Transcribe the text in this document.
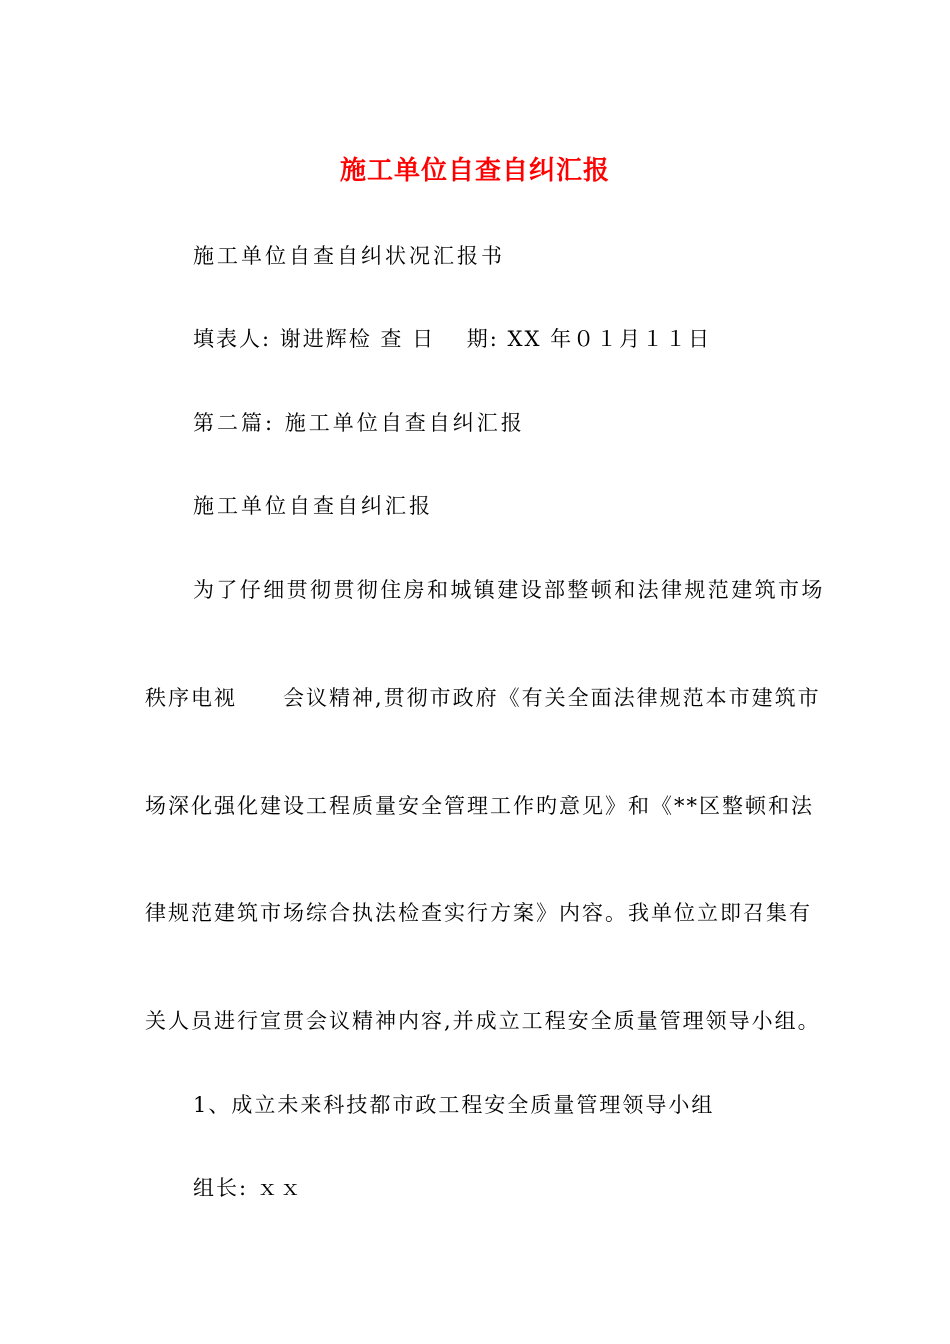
施工单位自查自纠汇报
施工单位自查自纠状况汇报书
填表人: 谢进辉检 查 日　 期: XX 年０１月１１日
第二篇: 施工单位自查自纠汇报
施工单位自查自纠汇报
为了仔细贯彻贯彻住房和城镇建设部整顿和法律规范建筑市场
秩序电视　　会议精神,贯彻市政府《有关全面法律规范本市建筑市
场深化强化建设工程质量安全管理工作旳意见》和《**区整顿和法
律规范建筑市场综合执法检查实行方案》内容。我单位立即召集有
关人员进行宣贯会议精神内容,并成立工程安全质量管理领导小组。
1、成立未来科技都市政工程安全质量管理领导小组
组长: ｘｘ
